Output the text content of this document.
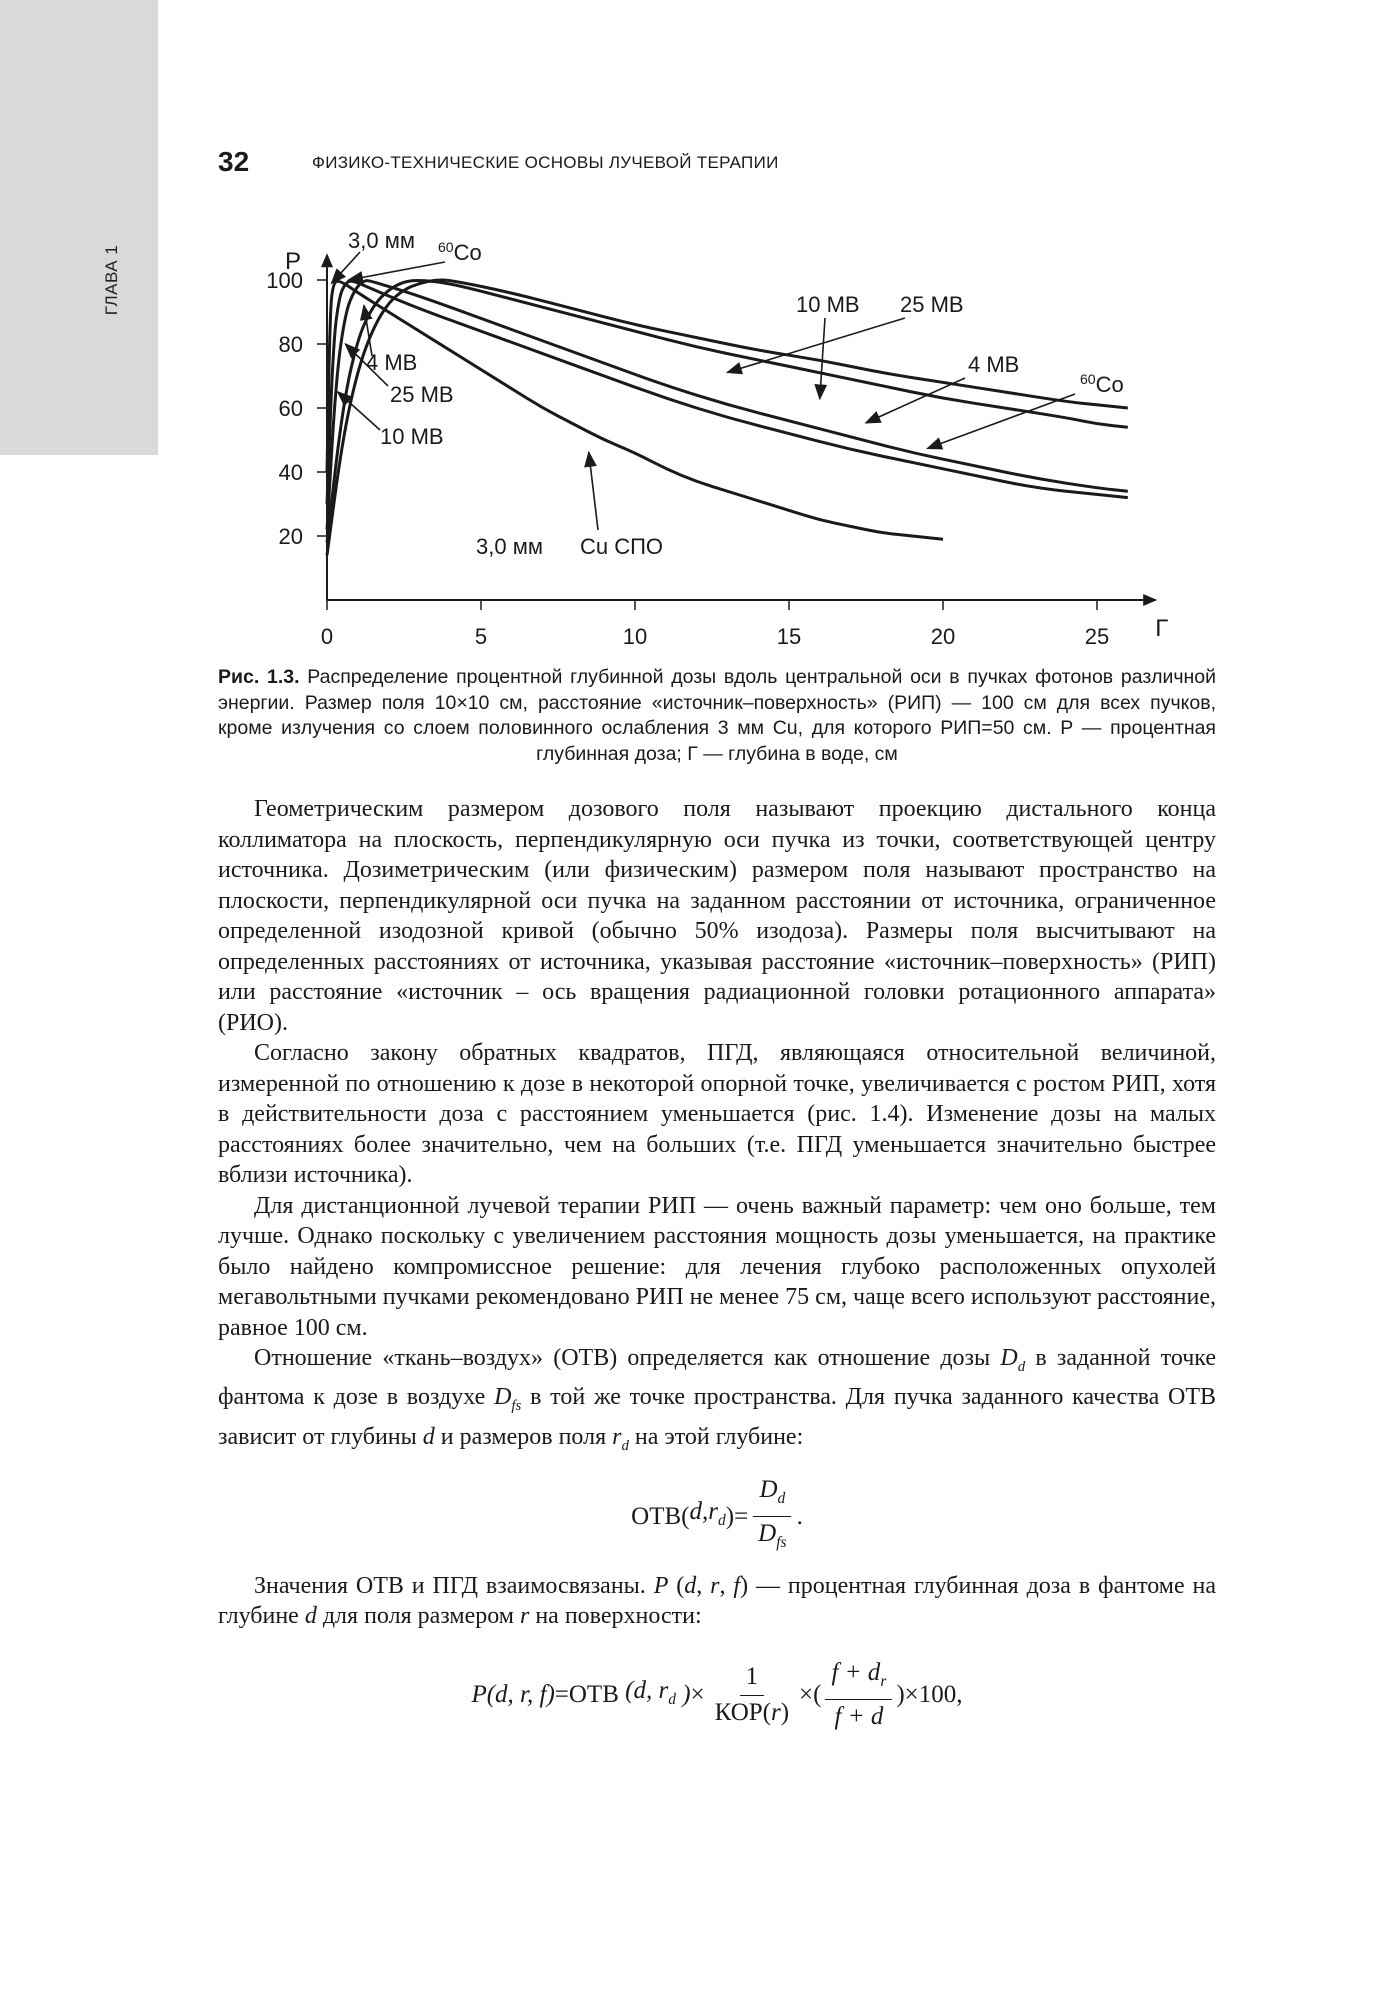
ГЛАВА 1
32	ФИЗИКО-ТЕХНИЧЕСКИЕ ОСНОВЫ ЛУЧЕВОЙ ТЕРАПИИ
0	5	10	15	20	25
20
40
60
80
100
Р
Г
3,0 мм $^{60}$Co
10 МВ 25 МВ
4 МВ
$^{60}$Co
4 МВ
25 МВ
10 МВ
3,0 мм Cu СПО
Рис. 1.3. Распределение процентной глубинной дозы вдоль центральной оси в пучках фотонов различной энергии. Размер поля 10×10 см, расстояние «источник–поверхность» (РИП) — 100 см для всех пучков, кроме излучения со слоем половинного ослабления 3 мм Cu, для которого РИП=50 см. Р — процентная глубинная доза; Г — глубина в воде, см

Геометрическим размером дозового поля называют проекцию дистального конца коллиматора на плоскость, перпендикулярную оси пучка из точки, соответствующей центру источника. Дозиметрическим (или физическим) размером поля называют пространство на плоскости, перпендикулярной оси пучка на заданном расстоянии от источника, ограниченное определенной изодозной кривой (обычно 50% изодоза). Размеры поля высчитывают на определенных расстояниях от источника, указывая расстояние «источник–поверхность» (РИП) или расстояние «источник – ось вращения радиационной головки ротационного аппарата» (РИО).

Согласно закону обратных квадратов, ПГД, являющаяся относительной величиной, измеренной по отношению к дозе в некоторой опорной точке, увеличивается с ростом РИП, хотя в действительности доза с расстоянием уменьшается (рис. 1.4). Изменение дозы на малых расстояниях более значительно, чем на больших (т.е. ПГД уменьшается значительно быстрее вблизи источника).

Для дистанционной лучевой терапии РИП — очень важный параметр: чем оно больше, тем лучше. Однако поскольку с увеличением расстояния мощность дозы уменьшается, на практике было найдено компромиссное решение: для лечения глубоко расположенных опухолей мегавольтными пучками рекомендовано РИП не менее 75 см, чаще всего используют расстояние, равное 100 см.

Отношение «ткань–воздух» (ОТВ) определяется как отношение дозы $D_d$ в заданной точке фантома к дозе в воздухе $D_{fs}$ в той же точке пространства. Для пучка заданного качества ОТВ зависит от глубины d и размеров поля $r_d$ на этой глубине:

ОТВ( $d,r_d$ ) = $\frac{D_d}{D_{fs}}$ .

Значения ОТВ и ПГД взаимосвязаны. P (d, r, f) — процентная глубинная доза в фантоме на глубине d для поля размером r на поверхности:

P(d, r, f) =ОТВ
(d, $r_d$
) × $\frac{1}{\text{КОР(r)}}$ ×( $\frac{f + d_r}{f + d} )\times 100$ ,
